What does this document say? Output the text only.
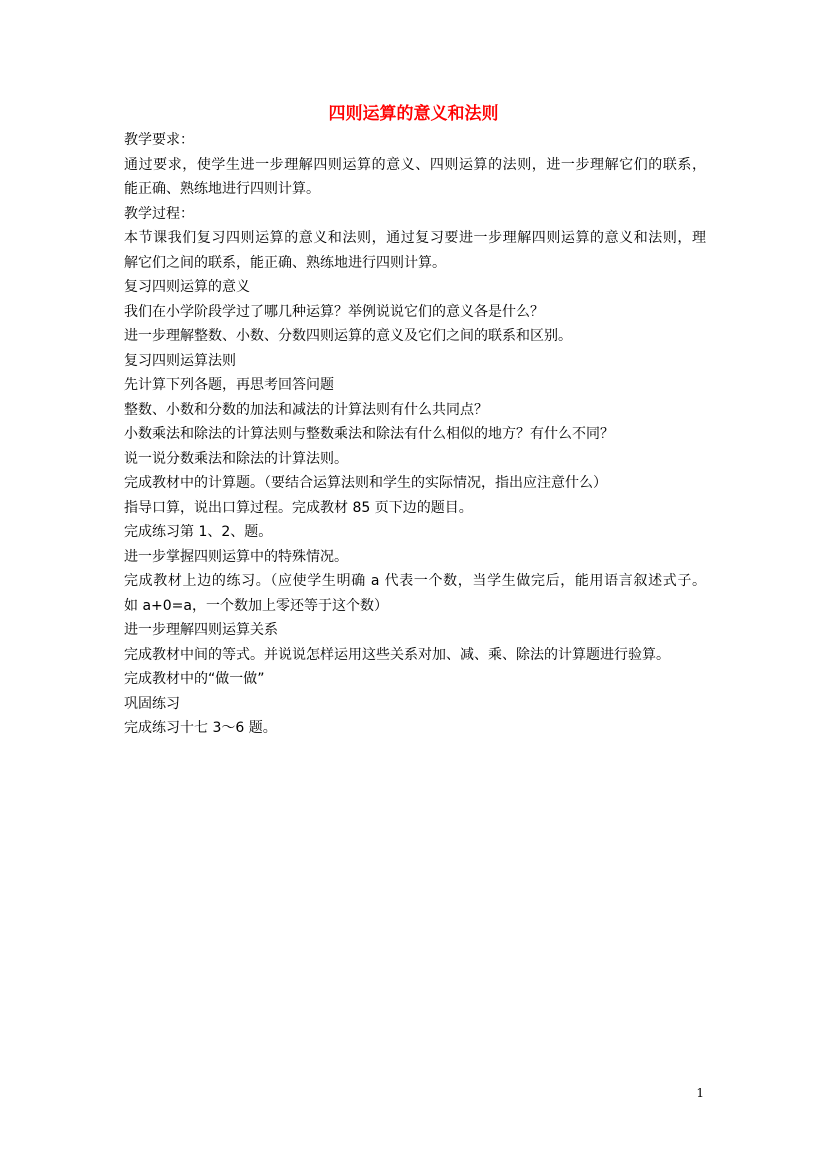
四则运算的意义和法则

教学要求：

通过要求，使学生进一步理解四则运算的意义、四则运算的法则，进一步理解它们的联系，

能正确、熟练地进行四则计算。

教学过程：

本节课我们复习四则运算的意义和法则，通过复习要进一步理解四则运算的意义和法则，理

解它们之间的联系，能正确、熟练地进行四则计算。

复习四则运算的意义

我们在小学阶段学过了哪几种运算？举例说说它们的意义各是什么？

进一步理解整数、小数、分数四则运算的意义及它们之间的联系和区别。

复习四则运算法则

先计算下列各题，再思考回答问题

整数、小数和分数的加法和减法的计算法则有什么共同点？

小数乘法和除法的计算法则与整数乘法和除法有什么相似的地方？有什么不同？

说一说分数乘法和除法的计算法则。

完成教材中的计算题。（要结合运算法则和学生的实际情况，指出应注意什么）

指导口算，说出口算过程。完成教材 85 页下边的题目。

完成练习第 1、2、题。

进一步掌握四则运算中的特殊情况。

完成教材上边的练习。（应使学生明确 a 代表一个数，当学生做完后，能用语言叙述式子。

如 a+0=a，一个数加上零还等于这个数）

进一步理解四则运算关系

完成教材中间的等式。并说说怎样运用这些关系对加、减、乘、除法的计算题进行验算。

完成教材中的“做一做”

巩固练习

完成练习十七 3～6 题。

1
